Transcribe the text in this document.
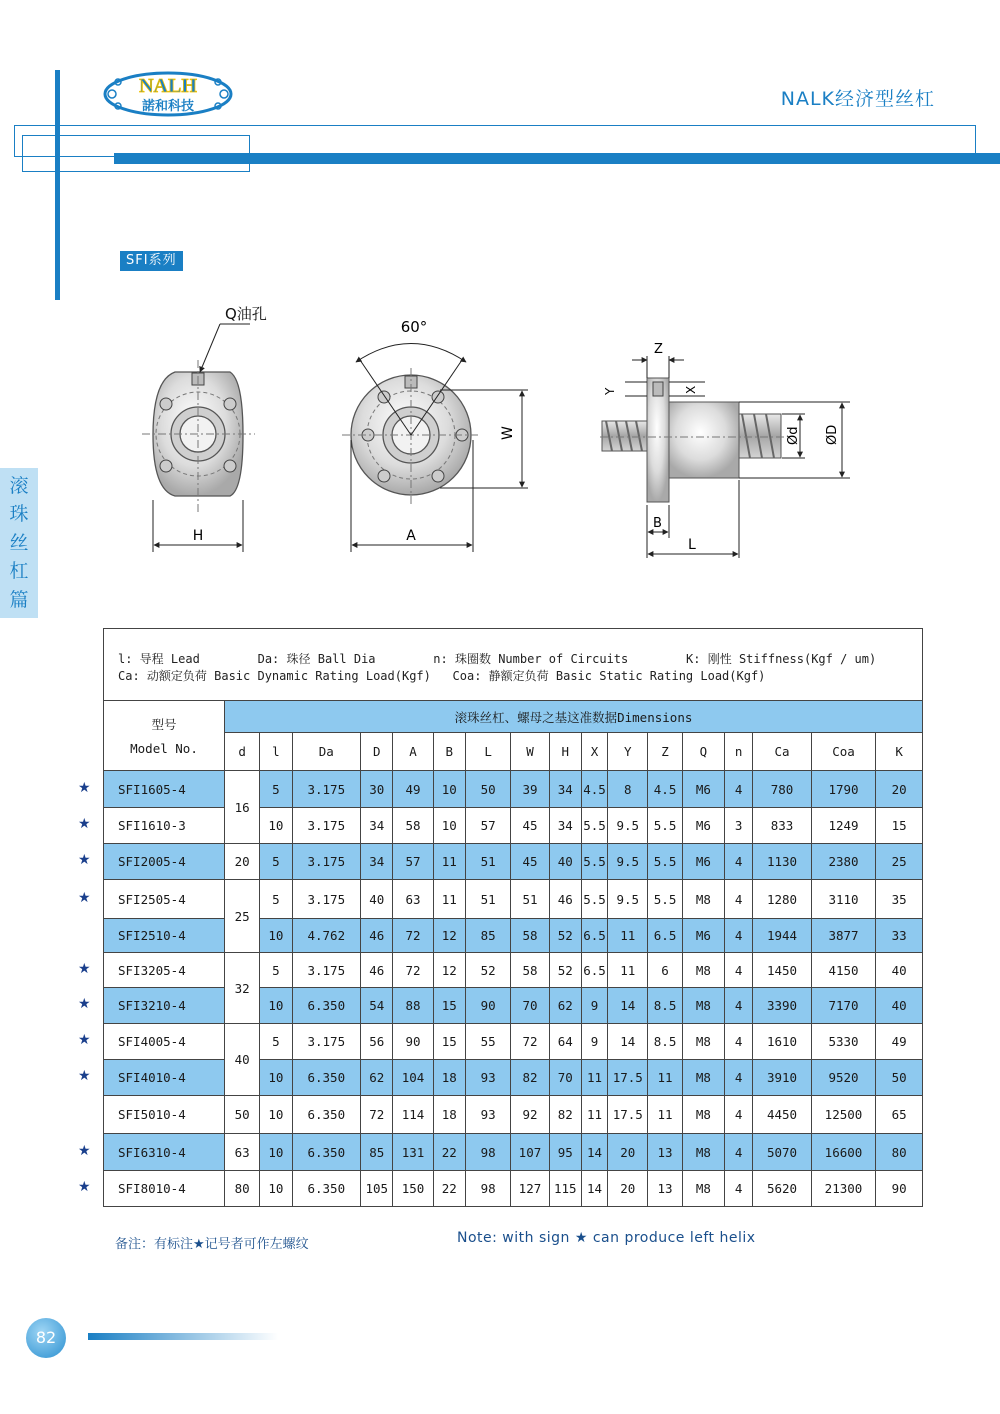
NALH
諾和科技	NALK经济型丝杠
SFI系列
滚
珠
丝
杠
篇
Q油孔
H
60°
A
W
Z
Y	X
Ød ØD
B
L
l: 导程 Lead        Da: 珠径 Ball Dia        n: 珠圈数 Number of Circuits        K: 刚性 Stiffness(Kgf / um)
Ca: 动额定负荷 Basic Dynamic Rating Load(Kgf)   Coa: 静额定负荷 Basic Static Rating Load(Kgf)
型号
Model No.	滚珠丝杠、螺母之基这准数据Dimensions																
	d	l	Da	D	A	B	L	W	H	X	Y	Z	Q	n	Ca	Coa	K
SFI1605-4	16	5	3.175	30	49	10	50	39	34	4.5	8	4.5	M6	4	780	1790	20
SFI1610-3		10	3.175	34	58	10	57	45	34	5.5	9.5	5.5	M6	3	833	1249	15
SFI2005-4	20	5	3.175	34	57	11	51	45	40	5.5	9.5	5.5	M6	4	1130	2380	25
SFI2505-4	25	5	3.175	40	63	11	51	51	46	5.5	9.5	5.5	M8	4	1280	3110	35
SFI2510-4		10	4.762	46	72	12	85	58	52	6.5	11	6.5	M6	4	1944	3877	33
SFI3205-4	32	5	3.175	46	72	12	52	58	52	6.5	11	6	M8	4	1450	4150	40
SFI3210-4		10	6.350	54	88	15	90	70	62	9	14	8.5	M8	4	3390	7170	40
SFI4005-4	40	5	3.175	56	90	15	55	72	64	9	14	8.5	M8	4	1610	5330	49
SFI4010-4		10	6.350	62	104	18	93	82	70	11	17.5	11	M8	4	3910	9520	50
SFI5010-4	50	10	6.350	72	114	18	93	92	82	11	17.5	11	M8	4	4450	12500	65
SFI6310-4	63	10	6.350	85	131	22	98	107	95	14	20	13	M8	4	5070	16600	80
SFI8010-4	80	10	6.350	105	150	22	98	127	115	14	20	13	M8	4	5620	21300	90
★
★
★
★
★
★
★
★
★
★
备注：有标注★记号者可作左螺纹	Note: with sign ★ can produce left helix
82
